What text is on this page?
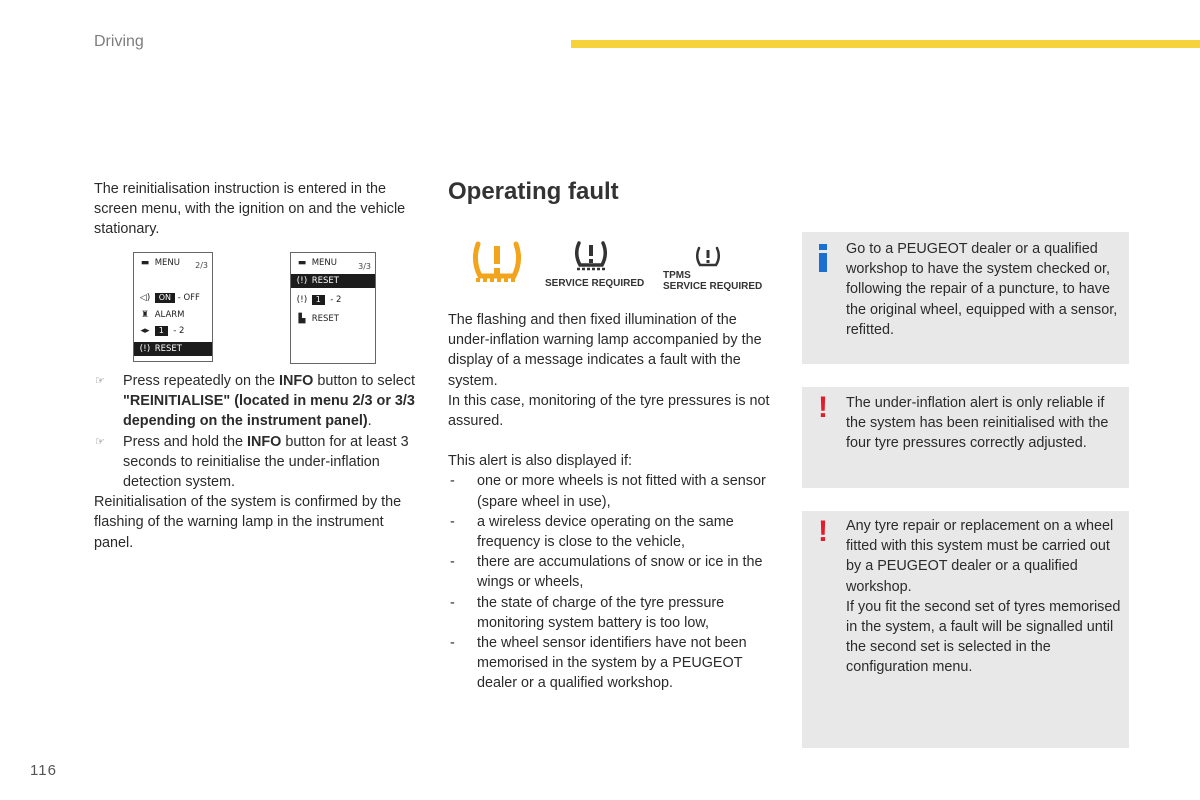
Driving

The reinitialisation instruction is entered in the screen menu, with the ignition on and the vehicle stationary.

▬ MENU 2/3
◁) ON - OFF
♜ ALARM
◂▸ 1  - 2
(!) RESET
▬ MENU	3/3
(!) RESET
(!) 1 - 2
▙ RESET
☞ Press repeatedly on the INFO button to select "REINITIALISE" (located in menu 2/3 or 3/3 depending on the instrument panel).
☞ Press and hold the INFO button for at least 3 seconds to reinitialise the under-inflation detection system.

Reinitialisation of the system is confirmed by the flashing of the warning lamp in the instrument panel.

Operating fault
SERVICE REQUIRED
TPMS
SERVICE REQUIRED

The flashing and then fixed illumination of the under-inflation warning lamp accompanied by the display of a message indicates a fault with the system.

In this case, monitoring of the tyre pressures is not assured.

This alert is also displayed if:

- one or more wheels is not fitted with a sensor (spare wheel in use),
- a wireless device operating on the same frequency is close to the vehicle,
- there are accumulations of snow or ice in the wings or wheels,
- the state of charge of the tyre pressure monitoring system battery is too low,
- the wheel sensor identifiers have not been memorised in the system by a PEUGEOT dealer or a qualified workshop.
Go to a PEUGEOT dealer or a qualified workshop to have the system checked or, following the repair of a puncture, to have the original wheel, equipped with a sensor, refitted.
! The under-inflation alert is only reliable if the system has been reinitialised with the four tyre pressures correctly adjusted.
! Any tyre repair or replacement on a wheel fitted with this system must be carried out by a PEUGEOT dealer or a qualified workshop.
If you fit the second set of tyres memorised in the system, a fault will be signalled until the second set is selected in the configuration menu.
116
